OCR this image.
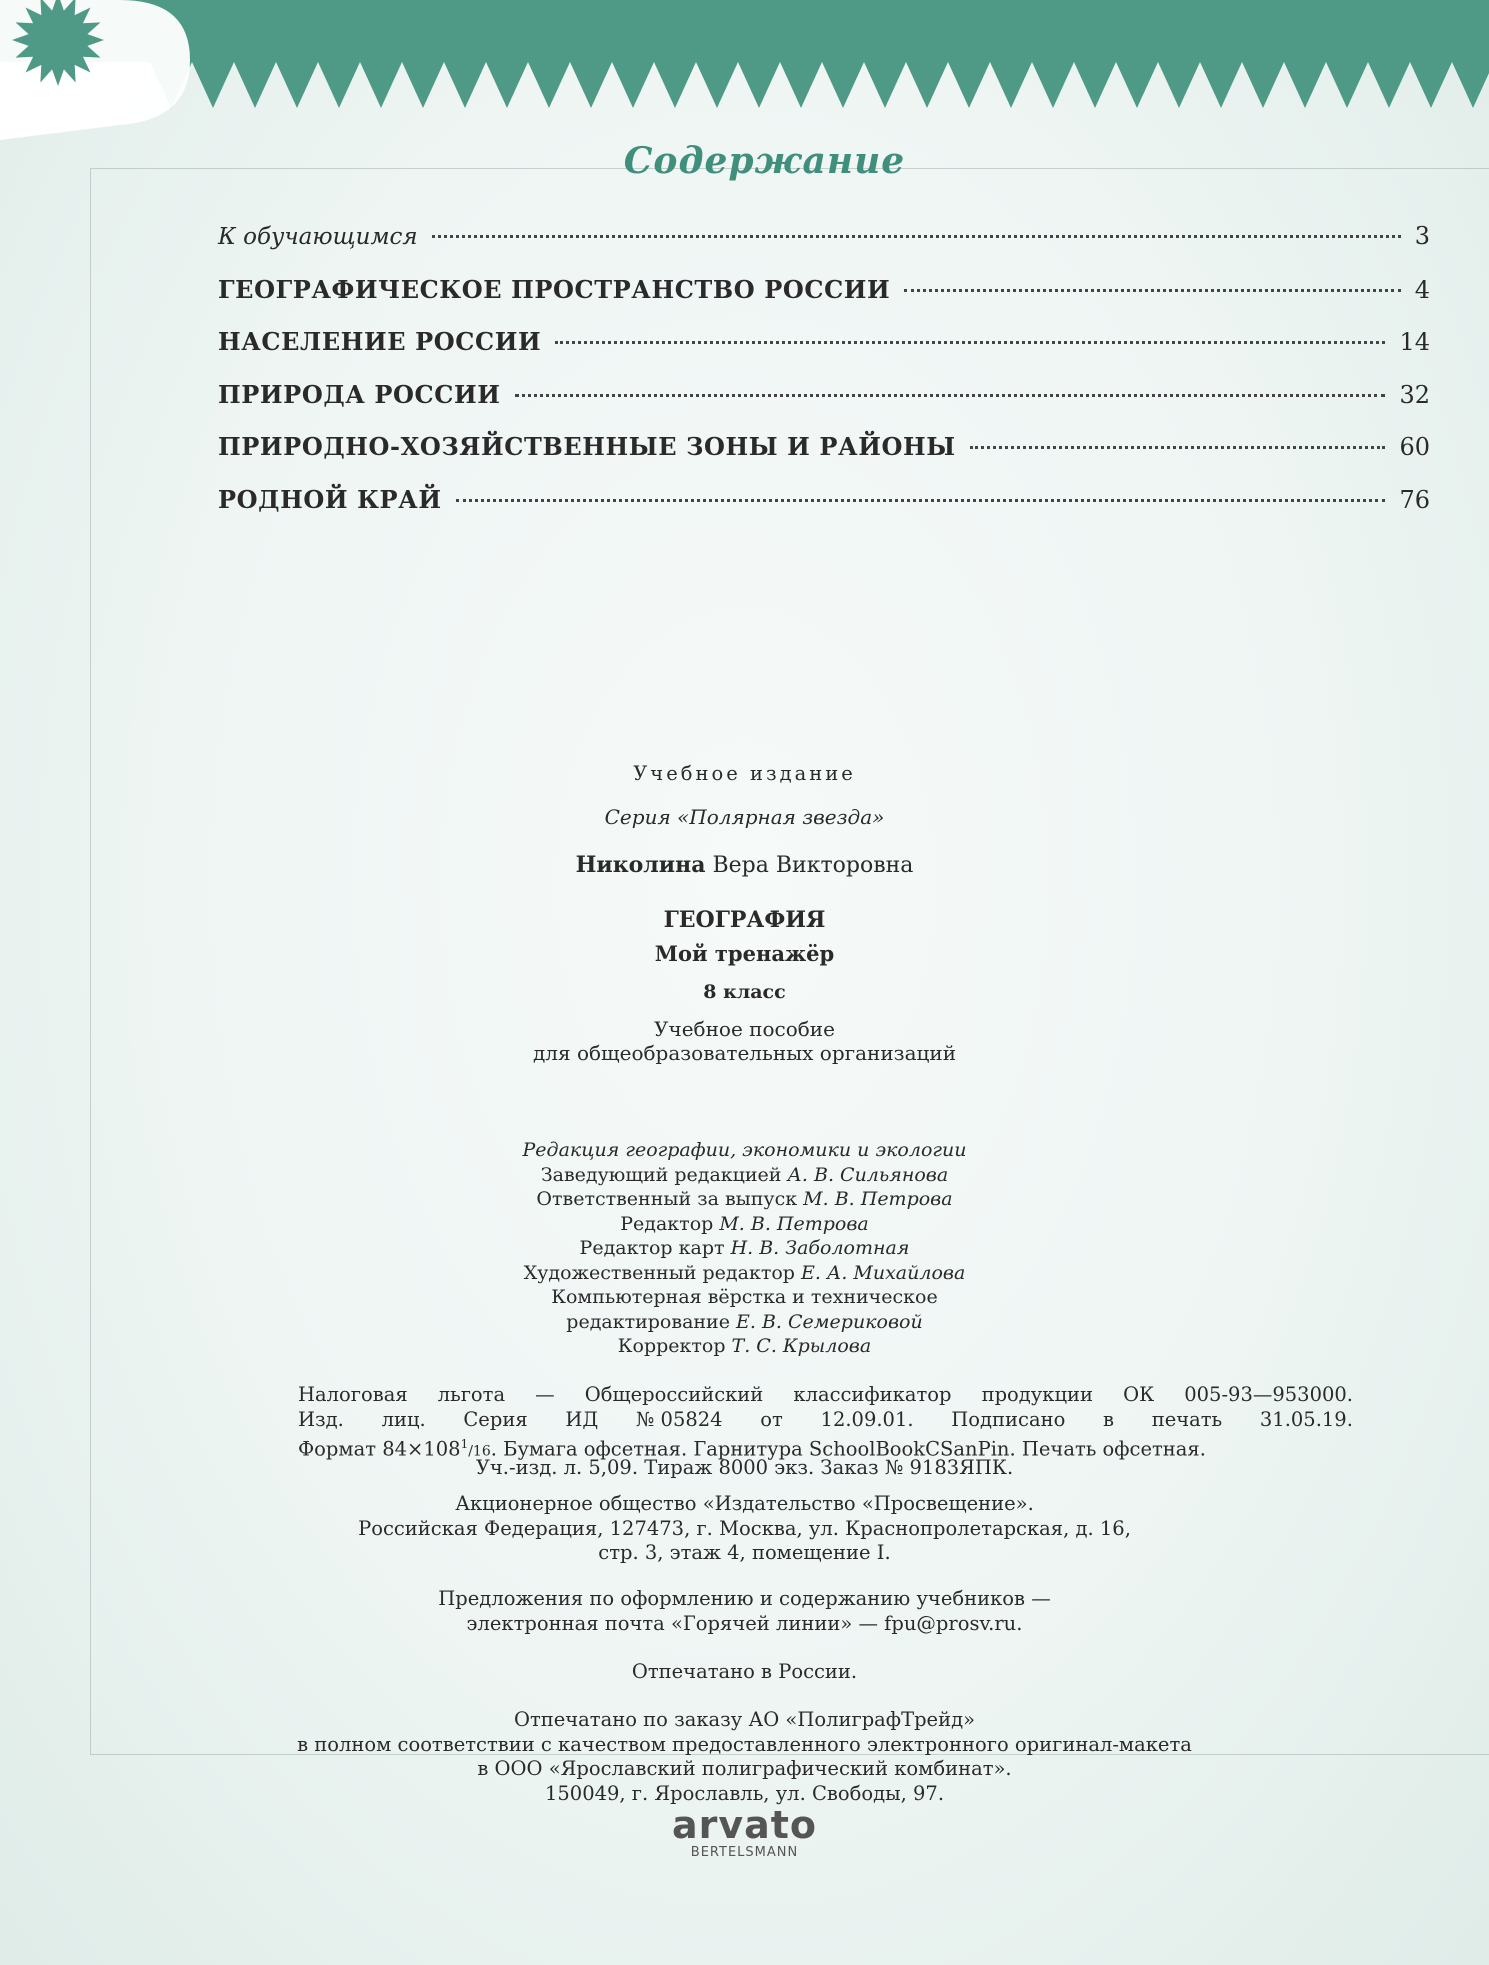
Содержание
К обучающимся	3
ГЕОГРАФИЧЕСКОЕ ПРОСТРАНСТВО РОССИИ	4
НАСЕЛЕНИЕ РОССИИ	14
ПРИРОДА РОССИИ	32
ПРИРОДНО-ХОЗЯЙСТВЕННЫЕ ЗОНЫ И РАЙОНЫ	60
РОДНОЙ КРАЙ	76
Учебное издание
Серия «Полярная звезда»
Николина Вера Викторовна
ГЕОГРАФИЯ
Мой тренажёр
8 класс
Учебное пособие
для общеобразовательных организаций
Редакция географии, экономики и экологии
Заведующий редакцией А. В. Сильянова
Ответственный за выпуск М. В. Петрова
Редактор М. В. Петрова
Редактор карт Н. В. Заболотная
Художественный редактор Е. А. Михайлова
Компьютерная вёрстка и техническое
редактирование Е. В. Семериковой
Корректор Т. С. Крылова
Налоговая льгота — Общероссийский классификатор продукции ОК 005-93—953000.
Изд. лиц. Серия ИД № 05824 от 12.09.01. Подписано в печать 31.05.19.
Формат $84\times 108^1/16$. Бумага офсетная. Гарнитура SchoolBookCSanPin. Печать офсетная.
Уч.-изд. л. 5,09. Тираж 8000 экз. Заказ № 9183ЯПК.
Акционерное общество «Издательство «Просвещение».
Российская Федерация, 127473, г. Москва, ул. Краснопролетарская, д. 16,
стр. 3, этаж 4, помещение I.
Предложения по оформлению и содержанию учебников —
электронная почта «Горячей линии» — fpu@prosv.ru.
Отпечатано в России.
Отпечатано по заказу АО «ПолиграфТрейд»
в полном соответствии с качеством предоставленного электронного оригинал-макета
в ООО «Ярославский полиграфический комбинат».
150049, г. Ярославль, ул. Свободы, 97.
arvato
BERTELSMANN
